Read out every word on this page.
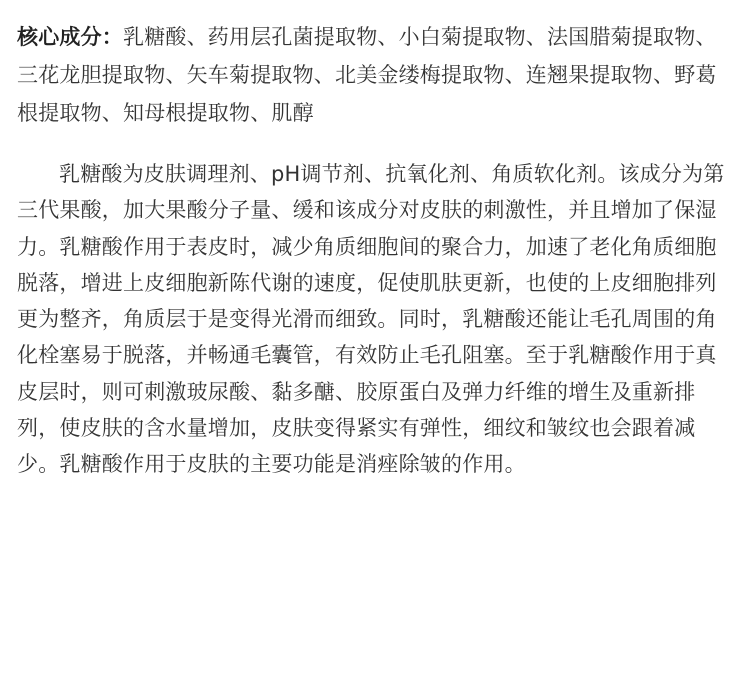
核心成分：乳糖酸、药用层孔菌提取物、小白菊提取物、法国腊菊提取物、三花龙胆提取物、矢车菊提取物、北美金缕梅提取物、连翘果提取物、野葛根提取物、知母根提取物、肌醇

乳糖酸为皮肤调理剂、pH调节剂、抗氧化剂、角质软化剂。该成分为第三代果酸，加大果酸分子量、缓和该成分对皮肤的刺激性，并且增加了保湿力。乳糖酸作用于表皮时，减少角质细胞间的聚合力，加速了老化角质细胞脱落，增进上皮细胞新陈代谢的速度，促使肌肤更新，也使的上皮细胞排列更为整齐，角质层于是变得光滑而细致。同时，乳糖酸还能让毛孔周围的角化栓塞易于脱落，并畅通毛囊管，有效防止毛孔阻塞。至于乳糖酸作用于真皮层时，则可刺激玻尿酸、黏多醣、胶原蛋白及弹力纤维的增生及重新排列，使皮肤的含水量增加，皮肤变得紧实有弹性，细纹和皱纹也会跟着减少。乳糖酸作用于皮肤的主要功能是消痤除皱的作用。
